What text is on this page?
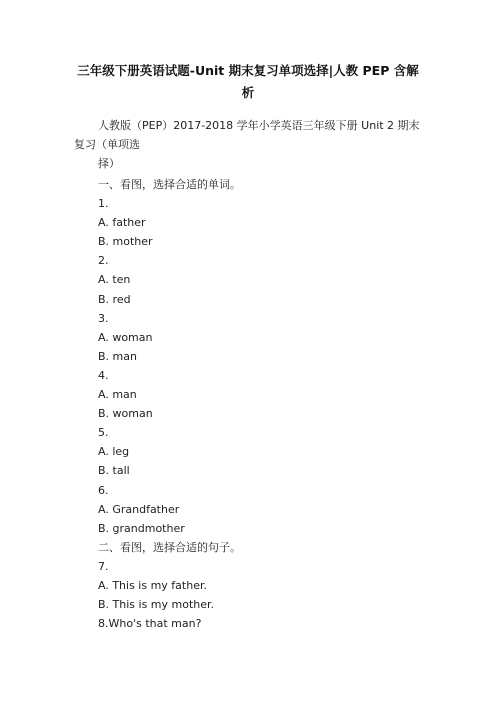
三年级下册英语试题-Unit 期末复习单项选择|人教 PEP 含解
析
人教版（PEP）2017-2018 学年小学英语三年级下册 Unit 2 期末
复习（单项选
择）
一、看图，选择合适的单词。
1.
A. father
B. mother
2.
A. ten
B. red
3.
A. woman
B. man
4.
A. man
B. woman
5.
A. leg
B. tall
6.
A. Grandfather
B. grandmother
二、看图，选择合适的句子。
7.
A. This is my father.
B. This is my mother.
8.Who's that man?
